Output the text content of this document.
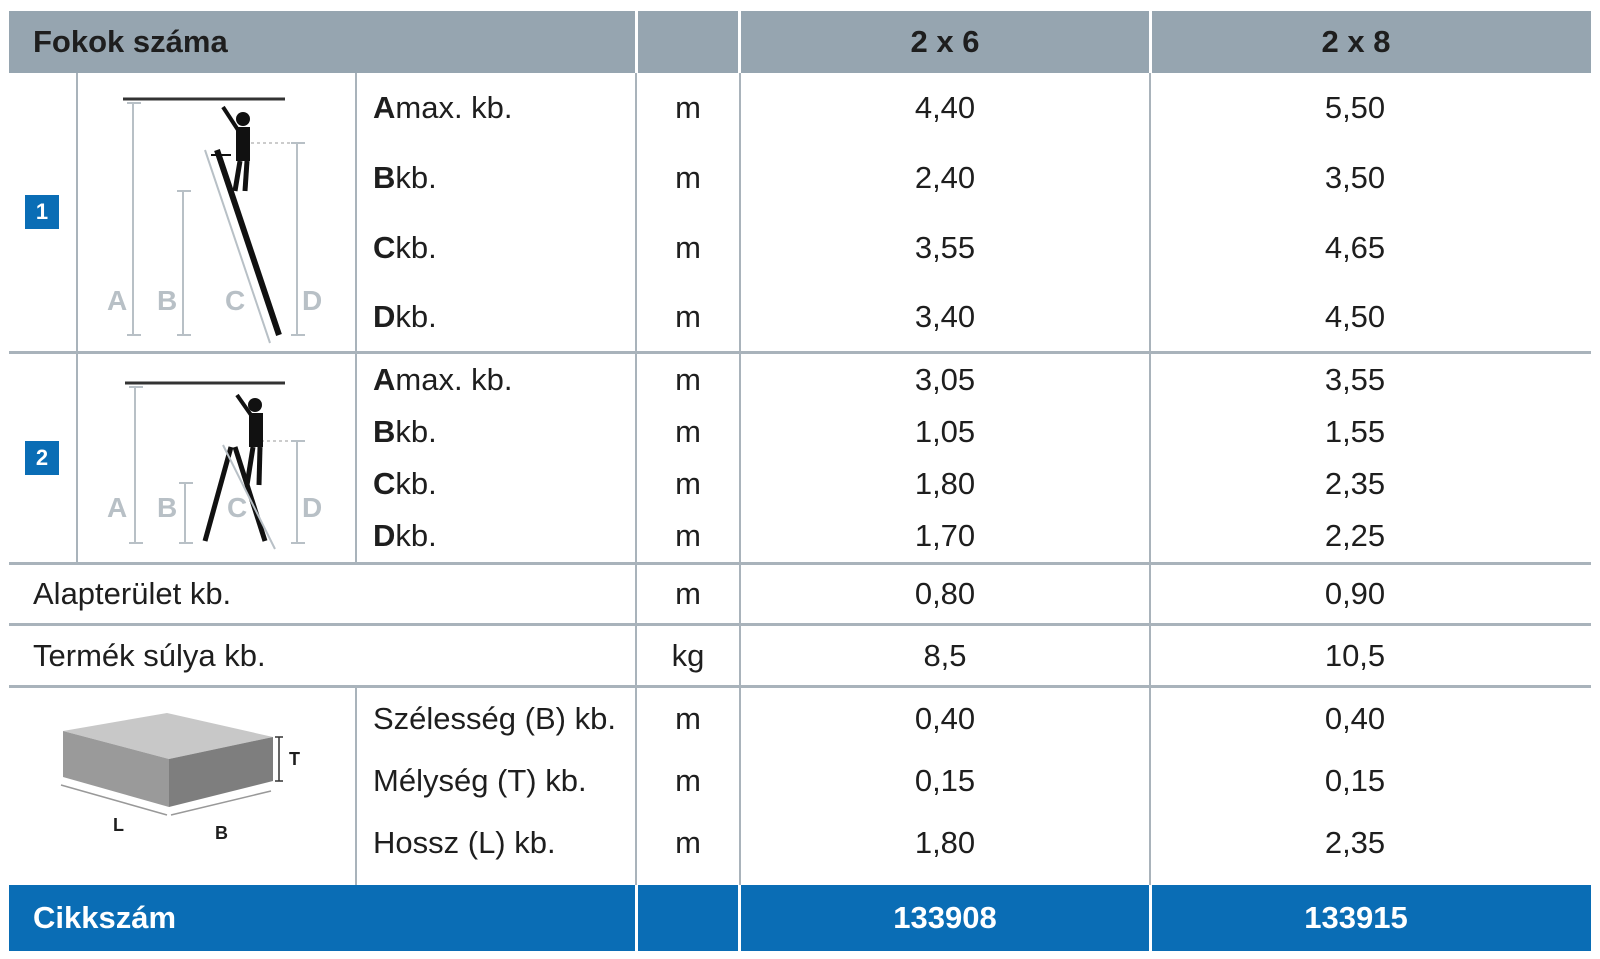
Fokok száma	2 x 6	2 x 8
1
A B C D
A max. kb.	m	4,40	5,50
B kb.	m	2,40	3,50
C kb.	m	3,55	4,65
D kb.	m	3,40	4,50
2
A B C D
A max. kb.	m	3,05	3,55
B kb.	m	1,05	1,55
C kb.	m	1,80	2,35
D kb.	m	1,70	2,25
Alapterület kb.	m	0,80	0,90
Termék súlya kb.	kg	8,5	10,5
T
L	B
Szélesség (B) kb.	m	0,40	0,40
Mélység (T) kb.	m	0,15	0,15
Hossz (L) kb.	m	1,80	2,35
Cikkszám	133908	133915
